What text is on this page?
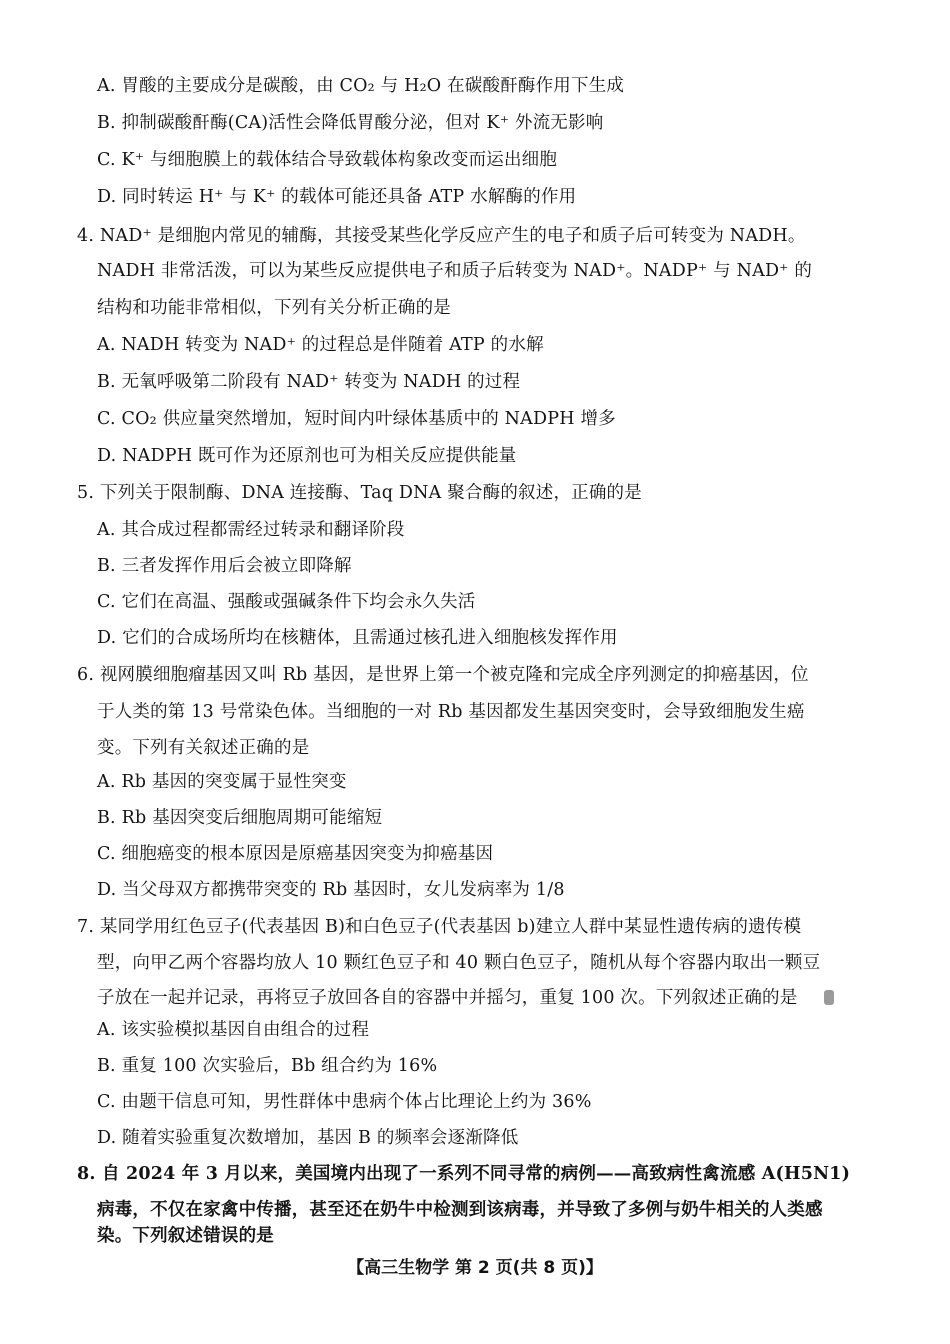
A. 胃酸的主要成分是碳酸，由 CO₂ 与 H₂O 在碳酸酐酶作用下生成
B. 抑制碳酸酐酶(CA)活性会降低胃酸分泌，但对 K⁺ 外流无影响
C. K⁺ 与细胞膜上的载体结合导致载体构象改变而运出细胞
D. 同时转运 H⁺ 与 K⁺ 的载体可能还具备 ATP 水解酶的作用
4. NAD⁺ 是细胞内常见的辅酶，其接受某些化学反应产生的电子和质子后可转变为 NADH。
NADH 非常活泼，可以为某些反应提供电子和质子后转变为 NAD⁺。NADP⁺ 与 NAD⁺ 的
结构和功能非常相似，下列有关分析正确的是
A. NADH 转变为 NAD⁺ 的过程总是伴随着 ATP 的水解
B. 无氧呼吸第二阶段有 NAD⁺ 转变为 NADH 的过程
C. CO₂ 供应量突然增加，短时间内叶绿体基质中的 NADPH 增多
D. NADPH 既可作为还原剂也可为相关反应提供能量
5. 下列关于限制酶、DNA 连接酶、Taq DNA 聚合酶的叙述，正确的是
A. 其合成过程都需经过转录和翻译阶段
B. 三者发挥作用后会被立即降解
C. 它们在高温、强酸或强碱条件下均会永久失活
D. 它们的合成场所均在核糖体，且需通过核孔进入细胞核发挥作用
6. 视网膜细胞瘤基因又叫 Rb 基因，是世界上第一个被克隆和完成全序列测定的抑癌基因，位
于人类的第 13 号常染色体。当细胞的一对 Rb 基因都发生基因突变时，会导致细胞发生癌
变。下列有关叙述正确的是
A. Rb 基因的突变属于显性突变
B. Rb 基因突变后细胞周期可能缩短
C. 细胞癌变的根本原因是原癌基因突变为抑癌基因
D. 当父母双方都携带突变的 Rb 基因时，女儿发病率为 1/8
7. 某同学用红色豆子(代表基因 B)和白色豆子(代表基因 b)建立人群中某显性遗传病的遗传模
型，向甲乙两个容器均放人 10 颗红色豆子和 40 颗白色豆子，随机从每个容器内取出一颗豆
子放在一起并记录，再将豆子放回各自的容器中并摇匀，重复 100 次。下列叙述正确的是
A. 该实验模拟基因自由组合的过程
B. 重复 100 次实验后，Bb 组合约为 16%
C. 由题干信息可知，男性群体中患病个体占比理论上约为 36%
D. 随着实验重复次数增加，基因 B 的频率会逐渐降低
8. 自 2024 年 3 月以来，美国境内出现了一系列不同寻常的病例——高致病性禽流感 A(H5N1)
病毒，不仅在家禽中传播，甚至还在奶牛中检测到该病毒，并导致了多例与奶牛相关的人类感
染。下列叙述错误的是
【高三生物学 第 2 页(共 8 页)】
